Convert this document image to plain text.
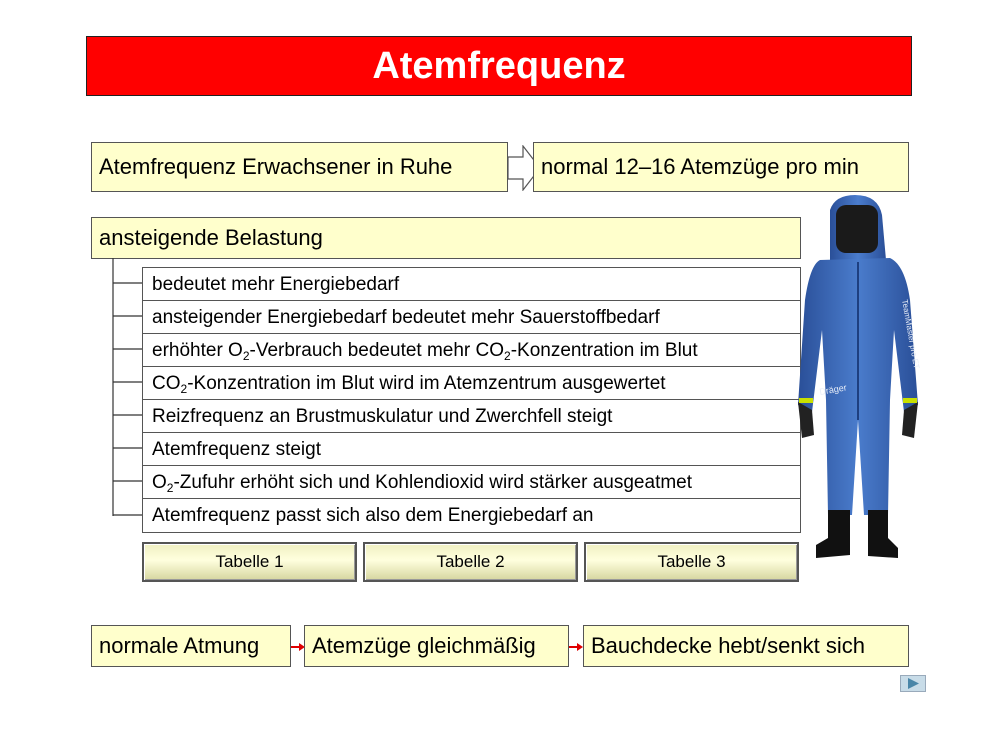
Atemfrequenz
Atemfrequenz Erwachsener in Ruhe	normal 12–16 Atemzüge pro min
ansteigende Belastung
bedeutet mehr Energiebedarf
ansteigender Energiebedarf bedeutet mehr Sauerstoffbedarf
erhöhter $O_2$-Verbrauch bedeutet mehr $CO_2$-Konzentration im Blut
$CO_2$-Konzentration im Blut wird im Atemzentrum ausgewertet
Reizfrequenz an Brustmuskulatur und Zwerchfell steigt
Atemfrequenz steigt
$O_2$-Zufuhr erhöht sich und Kohlendioxid wird stärker ausgeatmet
Atemfrequenz passt sich also dem Energiebedarf an
Tabelle 1	Tabelle 2	Tabelle 3
Dräger
TeamMaster pro ET
normale Atmung	Atemzüge gleichmäßig	Bauchdecke hebt/senkt sich
